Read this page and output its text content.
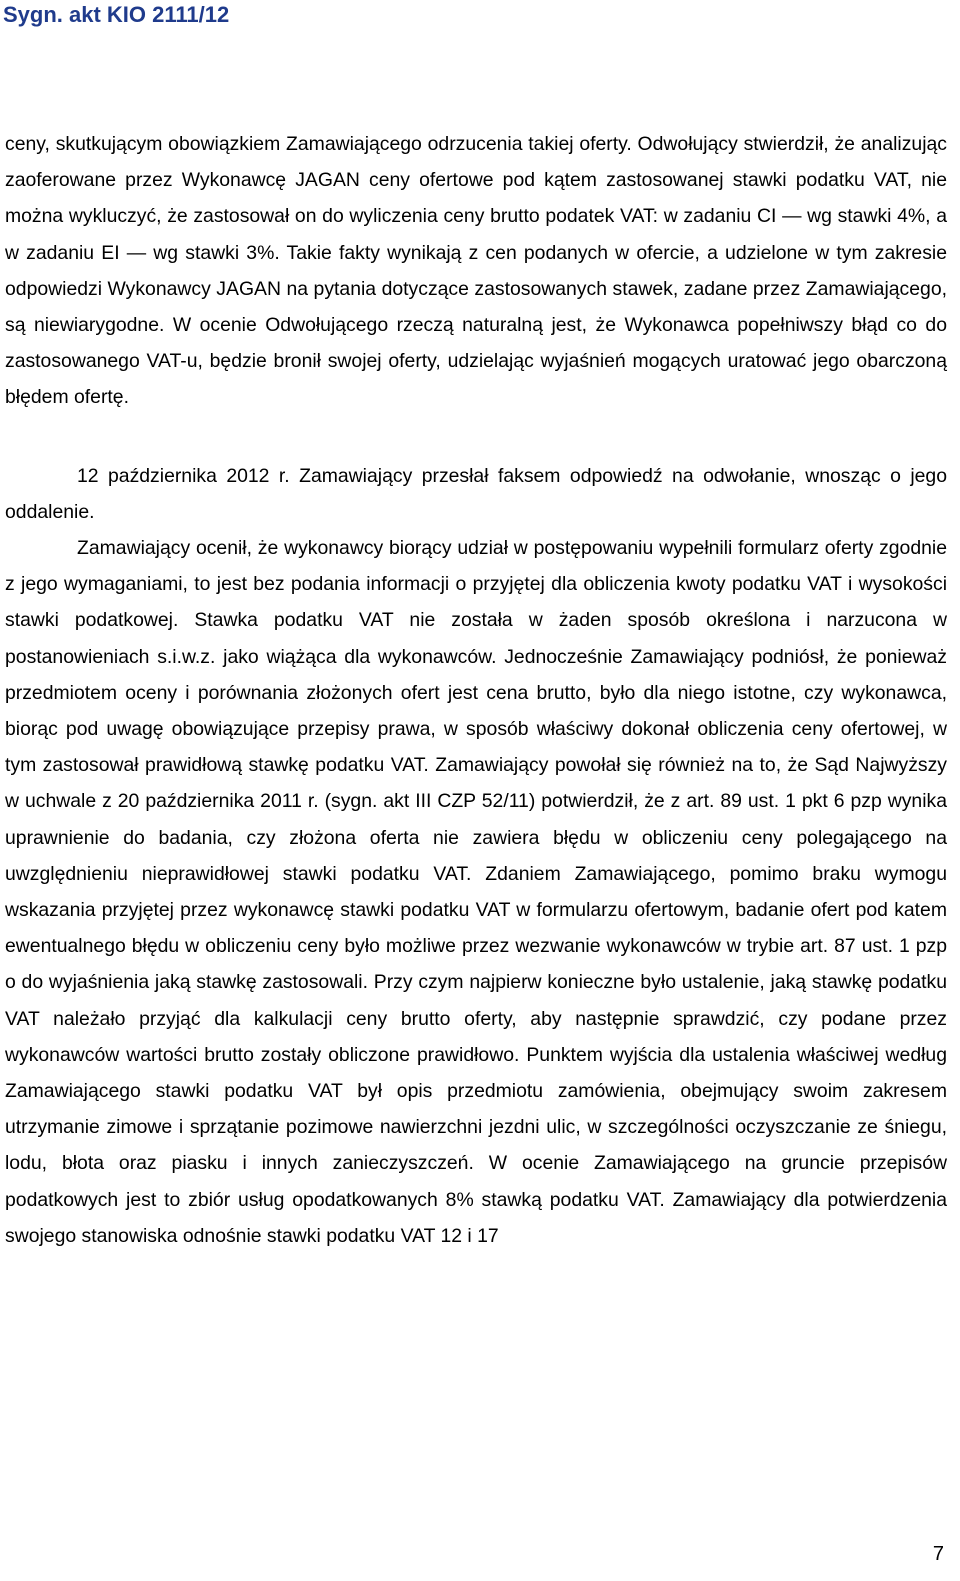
Sygn. akt KIO 2111/12

ceny, skutkującym obowiązkiem Zamawiającego odrzucenia takiej oferty. Odwołujący stwierdził, że analizując zaoferowane przez Wykonawcę JAGAN ceny ofertowe pod kątem zastosowanej stawki podatku VAT, nie można wykluczyć, że zastosował on do wyliczenia ceny brutto podatek VAT: w zadaniu CI — wg stawki 4%, a w zadaniu EI — wg stawki 3%. Takie fakty wynikają z cen podanych w ofercie, a udzielone w tym zakresie odpowiedzi Wykonawcy JAGAN na pytania dotyczące zastosowanych stawek, zadane przez Zamawiającego, są niewiarygodne. W ocenie Odwołującego rzeczą naturalną jest, że Wykonawca popełniwszy błąd co do zastosowanego VAT-u, będzie bronił swojej oferty, udzielając wyjaśnień mogących uratować jego obarczoną błędem ofertę.

12 października 2012 r. Zamawiający przesłał faksem odpowiedź na odwołanie, wnosząc o jego oddalenie.

Zamawiający ocenił, że wykonawcy biorący udział w postępowaniu wypełnili formularz oferty zgodnie z jego wymaganiami, to jest bez podania informacji o przyjętej dla obliczenia kwoty podatku VAT i wysokości stawki podatkowej. Stawka podatku VAT nie została w żaden sposób określona i narzucona w postanowieniach s.i.w.z. jako wiążąca dla wykonawców. Jednocześnie Zamawiający podniósł, że ponieważ przedmiotem oceny i porównania złożonych ofert jest cena brutto, było dla niego istotne, czy wykonawca, biorąc pod uwagę obowiązujące przepisy prawa, w sposób właściwy dokonał obliczenia ceny ofertowej, w tym zastosował prawidłową stawkę podatku VAT. Zamawiający powołał się również na to, że Sąd Najwyższy w uchwale z 20 października 2011 r. (sygn. akt III CZP 52/11) potwierdził, że z art. 89 ust. 1 pkt 6 pzp wynika uprawnienie do badania, czy złożona oferta nie zawiera błędu w obliczeniu ceny polegającego na uwzględnieniu nieprawidłowej stawki podatku VAT. Zdaniem Zamawiającego, pomimo braku wymogu wskazania przyjętej przez wykonawcę stawki podatku VAT w formularzu ofertowym, badanie ofert pod katem ewentualnego błędu w obliczeniu ceny było możliwe przez wezwanie wykonawców w trybie art. 87 ust. 1 pzp o do wyjaśnienia jaką stawkę zastosowali. Przy czym najpierw konieczne było ustalenie, jaką stawkę podatku VAT należało przyjąć dla kalkulacji ceny brutto oferty, aby następnie sprawdzić, czy podane przez wykonawców wartości brutto zostały obliczone prawidłowo. Punktem wyjścia dla ustalenia właściwej według Zamawiającego stawki podatku VAT był opis przedmiotu zamówienia, obejmujący swoim zakresem utrzymanie zimowe i sprzątanie pozimowe nawierzchni jezdni ulic, w szczególności oczyszczanie ze śniegu, lodu, błota oraz piasku i innych zanieczyszczeń. W ocenie Zamawiającego na gruncie przepisów podatkowych jest to zbiór usług opodatkowanych 8% stawką podatku VAT. Zamawiający dla potwierdzenia swojego stanowiska odnośnie stawki podatku VAT 12 i 17

7
